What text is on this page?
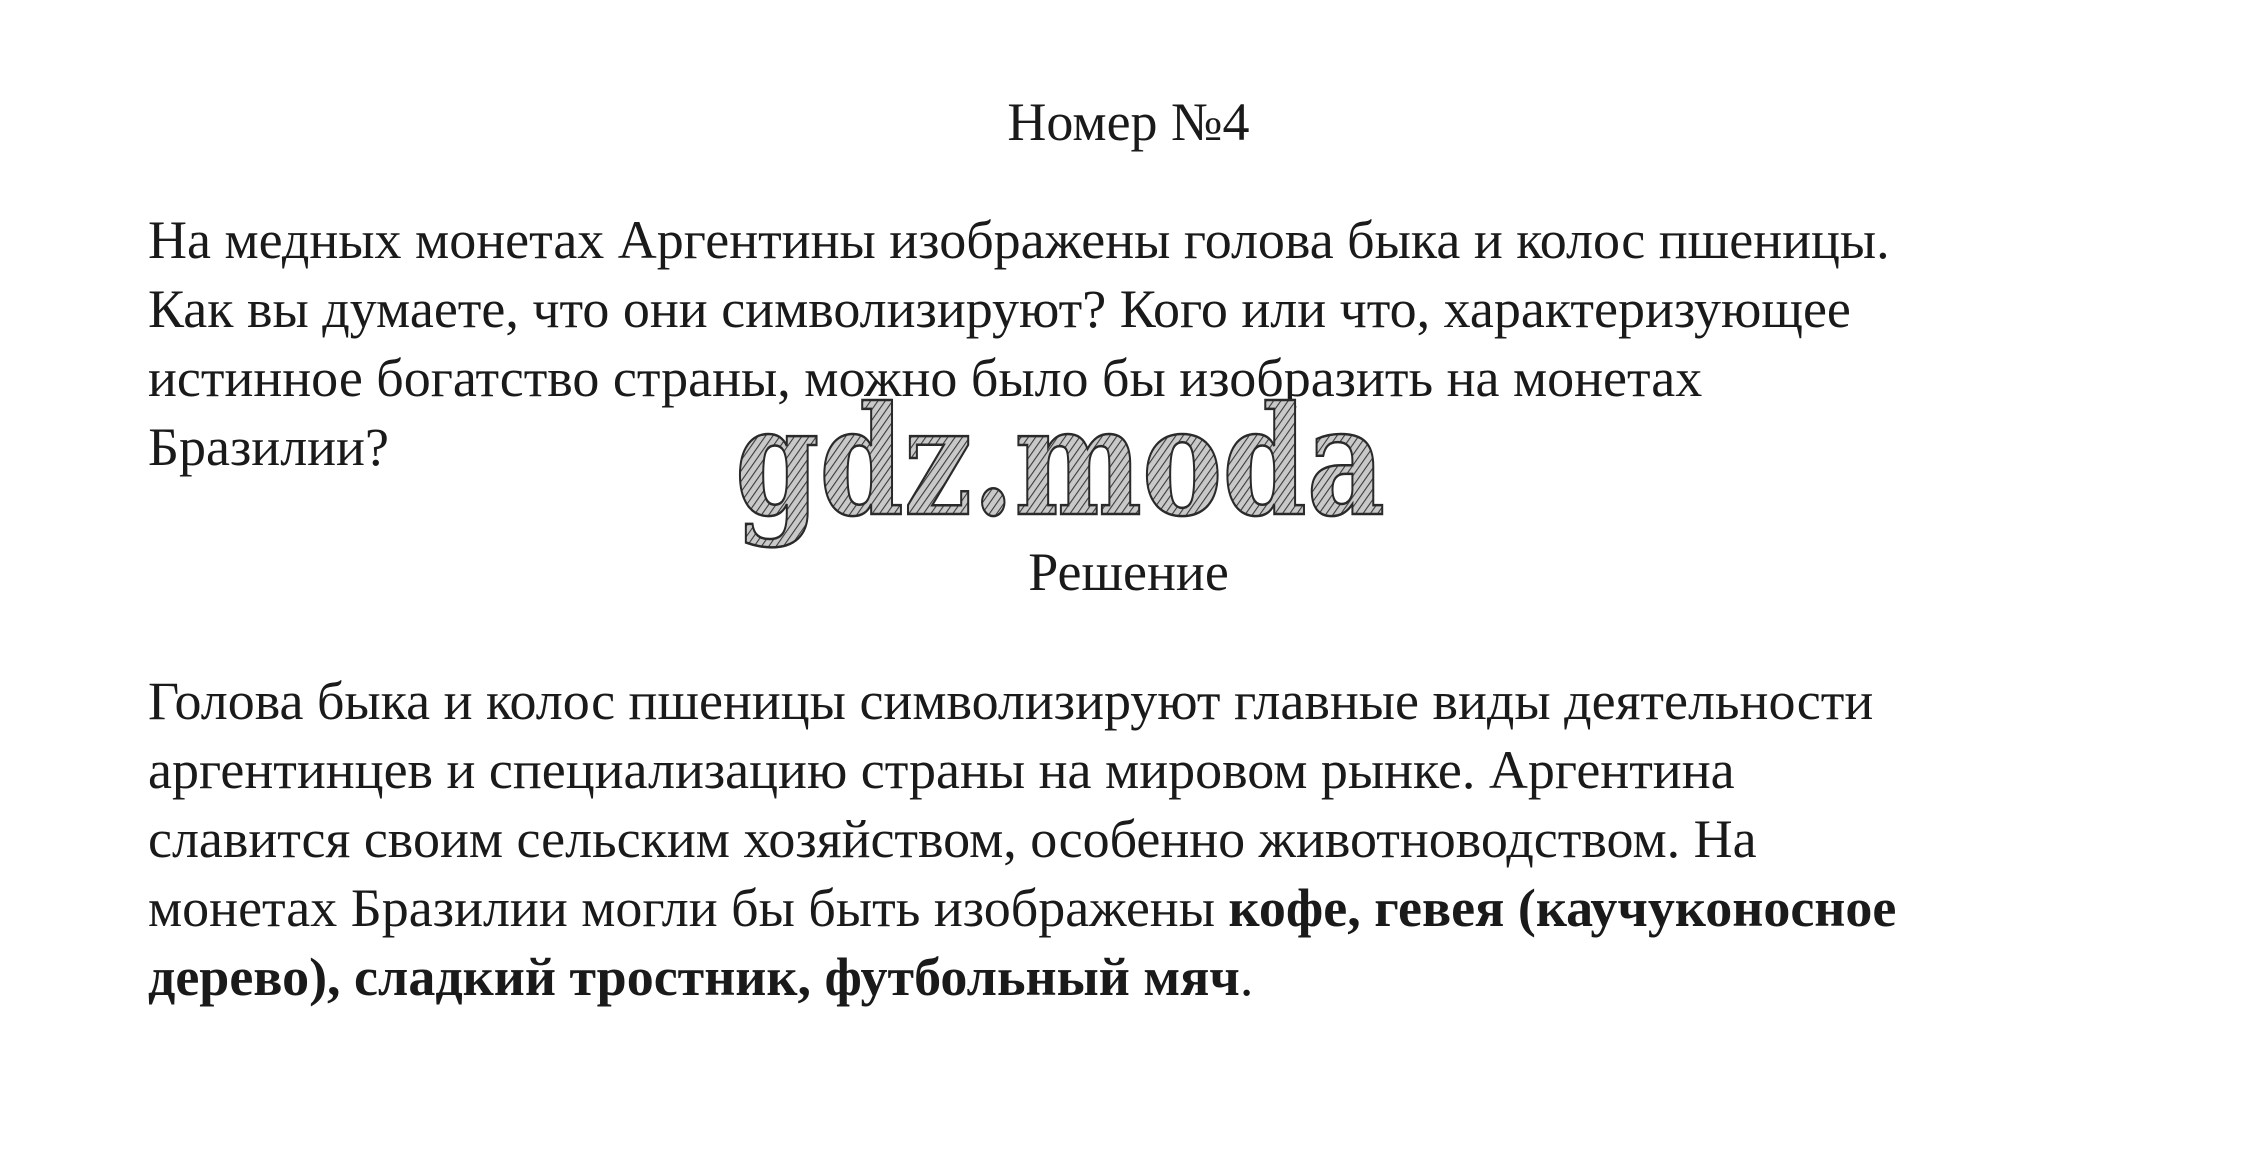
Номер №4

На медных монетах Аргентины изображены голова быка и колос пшеницы.
Как вы думаете, что они символизируют? Кого или что, характеризующее
истинное богатство страны, можно было бы изобразить на монетах
Бразилии?	gdz.moda
Решение

Голова быка и колос пшеницы символизируют главные виды деятельности
аргентинцев и специализацию страны на мировом рынке. Аргентина
славится своим сельским хозяйством, особенно животноводством. На
монетах Бразилии могли бы быть изображены кофе, гевея (каучуконосное
дерево), сладкий тростник, футбольный мяч.
